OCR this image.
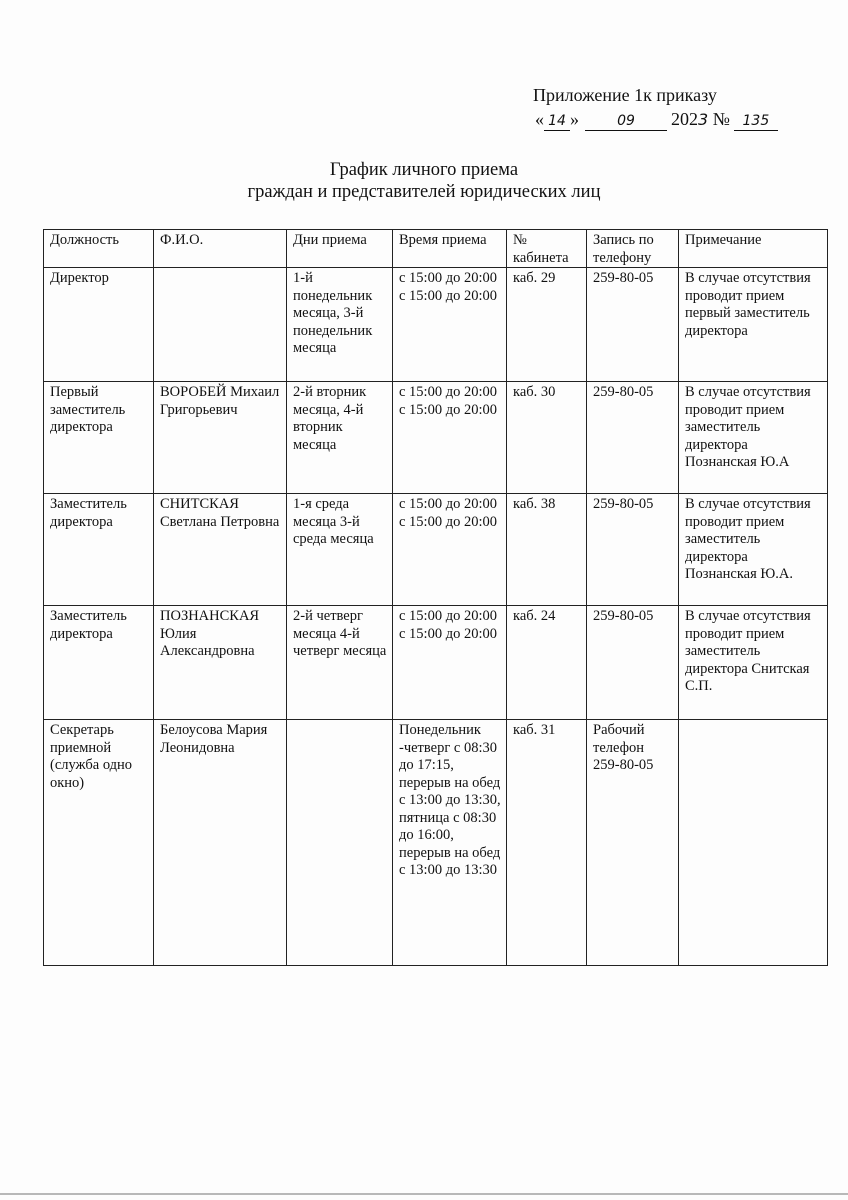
Приложение 1к приказу
« 14 »	09 2023 № 135
График личного приема
граждан и представителей юридических лиц
Должность	Ф.И.О.	Дни приема	Время приема	№ кабинета	Запись по телефону	Примечание
Директор		1-й понедельник месяца, 3-й понедельник месяца	с 15:00 до 20:00 с 15:00 до 20:00	каб. 29	259-80-05	В случае отсутствия проводит прием первый заместитель директора
Первый заместитель директора	ВОРОБЕЙ Михаил Григорьевич	2-й вторник месяца, 4-й вторник месяца	с 15:00 до 20:00 с 15:00 до 20:00	каб. 30	259-80-05	В случае отсутствия проводит прием заместитель директора Познанская Ю.А
Заместитель директора	СНИТСКАЯ Светлана Петровна	1-я среда месяца 3-й среда месяца	с 15:00 до 20:00 с 15:00 до 20:00	каб. 38	259-80-05	В случае отсутствия проводит прием заместитель директора Познанская Ю.А.
Заместитель директора	ПОЗНАНСКАЯ Юлия Александровна	2-й четверг месяца 4-й четверг месяца	с 15:00 до 20:00 с 15:00 до 20:00	каб. 24	259-80-05	В случае отсутствия проводит прием заместитель директора Снитская С.П.
Секретарь приемной (служба одно окно)	Белоусова Мария Леонидовна		Понедельник -четверг с 08:30 до 17:15, перерыв на обед с 13:00 до 13:30, пятница с 08:30 до 16:00, перерыв на обед с 13:00 до 13:30	каб. 31	Рабочий телефон 259-80-05	
